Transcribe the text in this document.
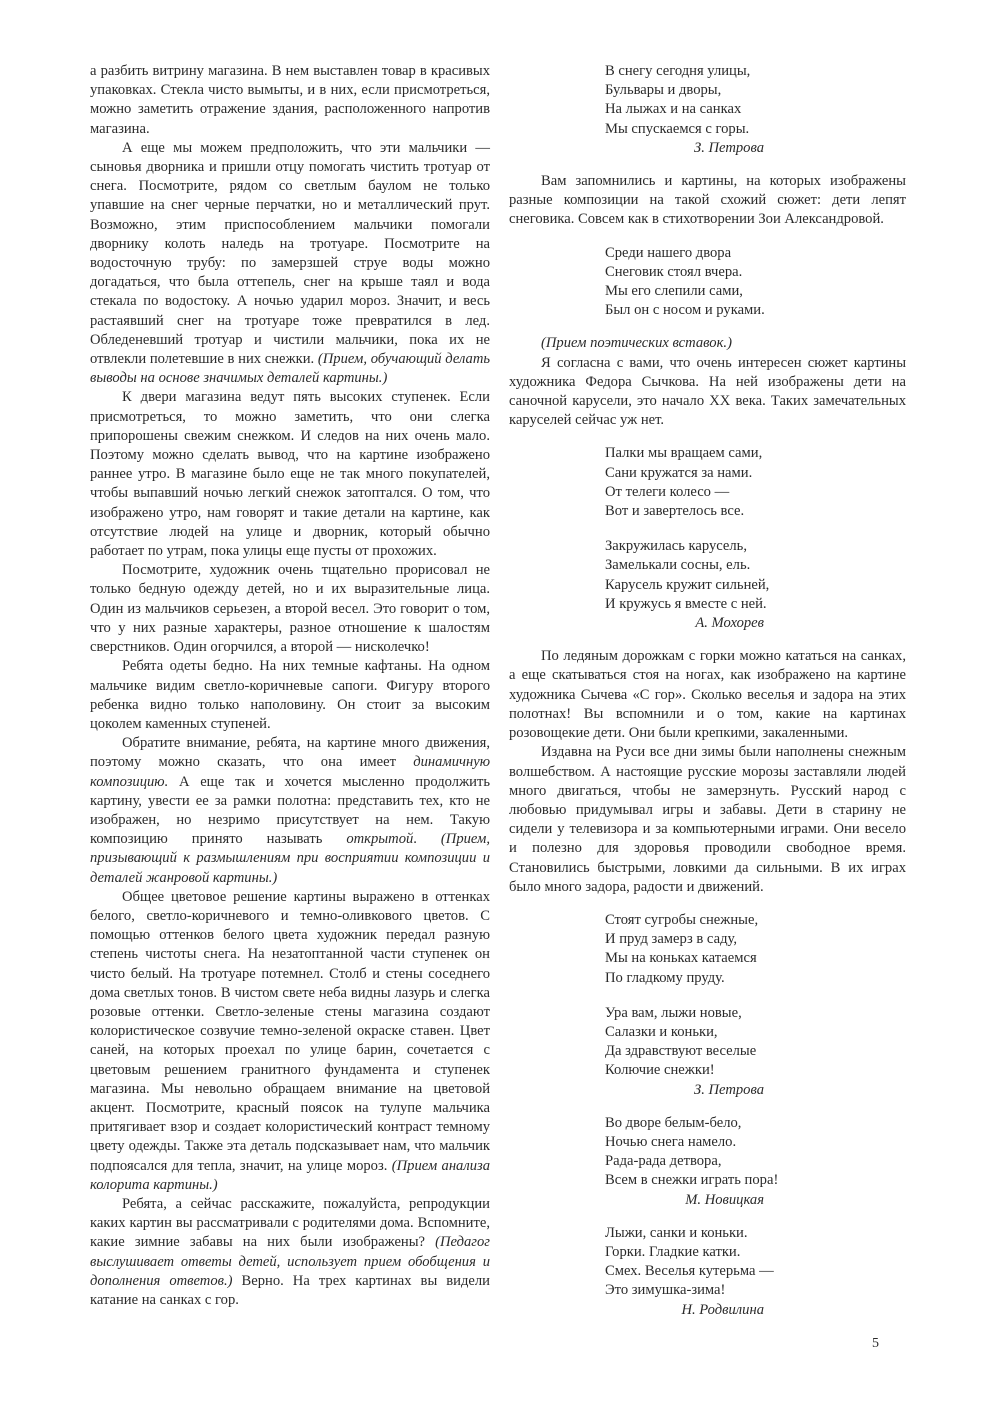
а разбить витрину магазина. В нем выставлен товар в красивых упаковках. Стекла чисто вымыты, и в них, если присмотреться, можно заметить отражение здания, расположенного напротив магазина.

А еще мы можем предположить, что эти мальчики — сыновья дворника и пришли отцу помогать чистить тротуар от снега. Посмотрите, рядом со светлым баулом не только упавшие на снег черные перчатки, но и металлический прут. Возможно, этим приспособлением мальчики помогали дворнику колоть наледь на тротуаре. Посмотрите на водосточную трубу: по замерзшей струе воды можно догадаться, что была оттепель, снег на крыше таял и вода стекала по водостоку. А ночью ударил мороз. Значит, и весь растаявший снег на тротуаре тоже превратился в лед. Обледеневший тротуар и чистили мальчики, пока их не отвлекли полетевшие в них снежки. (Прием, обучающий делать выводы на основе значимых деталей картины.)

К двери магазина ведут пять высоких ступенек. Если присмотреться, то можно заметить, что они слегка припорошены свежим снежком. И следов на них очень мало. Поэтому можно сделать вывод, что на картине изображено раннее утро. В магазине было еще не так много покупателей, чтобы выпавший ночью легкий снежок затоптался. О том, что изображено утро, нам говорят и такие детали на картине, как отсутствие людей на улице и дворник, который обычно работает по утрам, пока улицы еще пусты от прохожих.

Посмотрите, художник очень тщательно прорисовал не только бедную одежду детей, но и их выразительные лица. Один из мальчиков серьезен, а второй весел. Это говорит о том, что у них разные характеры, разное отношение к шалостям сверстников. Один огорчился, а второй — нисколечко!

Ребята одеты бедно. На них темные кафтаны. На одном мальчике видим светло-коричневые сапоги. Фигуру второго ребенка видно только наполовину. Он стоит за высоким цоколем каменных ступеней.

Обратите внимание, ребята, на картине много движения, поэтому можно сказать, что она имеет динамичную композицию. А еще так и хочется мысленно продолжить картину, увести ее за рамки полотна: представить тех, кто не изображен, но незримо присутствует на нем. Такую композицию принято называть открытой. (Прием, призывающий к размышлениям при восприятии композиции и деталей жанровой картины.)

Общее цветовое решение картины выражено в оттенках белого, светло-коричневого и темно-оливкового цветов. С помощью оттенков белого цвета художник передал разную степень чистоты снега. На незатоптанной части ступенек он чисто белый. На тротуаре потемнел. Столб и стены соседнего дома светлых тонов. В чистом свете неба видны лазурь и слегка розовые оттенки. Светло-зеленые стены магазина создают колористическое созвучие темно-зеленой окраске ставен. Цвет саней, на которых проехал по улице барин, сочетается с цветовым решением гранитного фундамента и ступенек магазина. Мы невольно обращаем внимание на цветовой акцент. Посмотрите, красный поясок на тулупе мальчика притягивает взор и создает колористический контраст темному цвету одежды. Также эта деталь подсказывает нам, что мальчик подпоясался для тепла, значит, на улице мороз. (Прием анализа колорита картины.)

Ребята, а сейчас расскажите, пожалуйста, репродукции каких картин вы рассматривали с родителями дома. Вспомните, какие зимние забавы на них были изображены? (Педагог выслушивает ответы детей, использует прием обобщения и дополнения ответов.) Верно. На трех картинах вы видели катание на санках с гор.

В снегу сегодня улицы,
Бульвары и дворы,
На лыжах и на санках
Мы спускаемся с горы.
З. Петрова

Вам запомнились и картины, на которых изображены разные композиции на такой схожий сюжет: дети лепят снеговика. Совсем как в стихотворении Зои Александровой.

Среди нашего двора
Снеговик стоял вчера.
Мы его слепили сами,
Был он с носом и руками.

(Прием поэтических вставок.)

Я согласна с вами, что очень интересен сюжет картины художника Федора Сычкова. На ней изображены дети на саночной карусели, это начало XX века. Таких замечательных каруселей сейчас уж нет.

Палки мы вращаем сами,
Сани кружатся за нами.
От телеги колесо —
Вот и завертелось все.
Закружилась карусель,
Замелькали сосны, ель.
Карусель кружит сильней,
И кружусь я вместе с ней.
А. Мохорев

По ледяным дорожкам с горки можно кататься на санках, а еще скатываться стоя на ногах, как изображено на картине художника Сычева «С гор». Сколько веселья и задора на этих полотнах! Вы вспомнили и о том, какие на картинах розовощекие дети. Они были крепкими, закаленными.

Издавна на Руси все дни зимы были наполнены снежным волшебством. А настоящие русские морозы заставляли людей много двигаться, чтобы не замерзнуть. Русский народ с любовью придумывал игры и забавы. Дети в старину не сидели у телевизора и за компьютерными играми. Они весело и полезно для здоровья проводили свободное время. Становились быстрыми, ловкими да сильными. В их играх было много задора, радости и движений.

Стоят сугробы снежные,
И пруд замерз в саду,
Мы на коньках катаемся
По гладкому пруду.
Ура вам, лыжи новые,
Салазки и коньки,
Да здравствуют веселые
Колючие снежки!
З. Петрова
Во дворе белым-бело,
Ночью снега намело.
Рада-рада детвора,
Всем в снежки играть пора!
М. Новицкая
Лыжи, санки и коньки.
Горки. Гладкие катки.
Смех. Веселья кутерьма —
Это зимушка-зима!
Н. Родвилина
5
